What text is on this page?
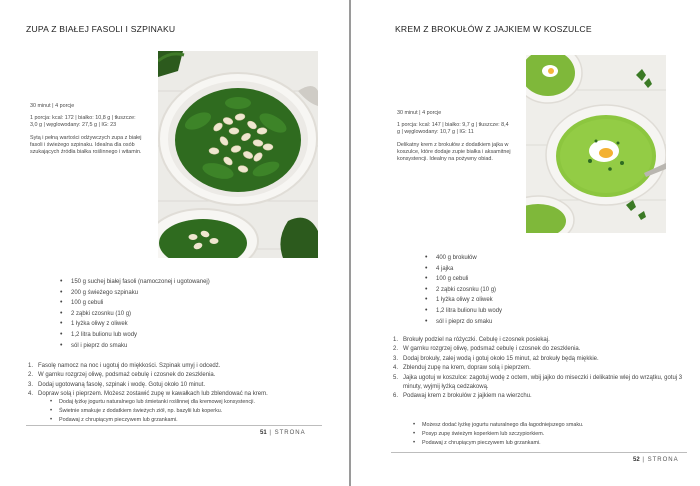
ZUPA Z BIAŁEJ FASOLI I SZPINAKU

30 minut | 4 porcje

1 porcja: kcal: 172 | białko: 10,8 g | tłuszcze: 3,0 g | węglowodany: 27,5 g | IG: 23

Sytą i pełną wartości odżywczych zupa z białej fasoli i świeżego szpinaku. Idealna dla osób szukających źródła białka roślinnego i witamin.

• 150 g suchej białej fasoli (namoczonej i ugotowanej)
• 200 g świeżego szpinaku
• 100 g cebuli
• 2 ząbki czosnku (10 g)
• 1 łyżka oliwy z oliwek
• 1,2 litra bulionu lub wody
• sól i pieprz do smaku
1. Fasolę namocz na noc i ugotuj do miękkości. Szpinak umyj i odcedź.
2. W garnku rozgrzej oliwę, podsmaż cebulę i czosnek do zeszklenia.
3. Dodaj ugotowaną fasolę, szpinak i wodę. Gotuj około 10 minut.
4. Dopraw solą i pieprzem. Możesz zostawić zupę w kawałkach lub zblendować na krem.
• Dodaj łyżkę jogurtu naturalnego lub śmietanki roślinnej dla kremowej konsystencji.
• Świetnie smakuje z dodatkiem świeżych ziół, np. bazylii lub koperku.
• Podawaj z chrupiącym pieczywem lub grzankami.
51 | STRONA
KREM Z BROKUŁÓW Z JAJKIEM W KOSZULCE

30 minut | 4 porcje

1 porcja: kcal: 147 | białko: 9,7 g | tłuszcze: 8,4 g | węglowodany: 10,7 g | IG: 11

Delikatny krem z brokułów z dodatkiem jajka w koszulce, które dodaje zupie białka i aksamitnej konsystencji. Idealny na pożywny obiad.

• 400 g brokułów
• 4 jajka
• 100 g cebuli
• 2 ząbki czosnku (10 g)
• 1 łyżka oliwy z oliwek
• 1,2 litra bulionu lub wody
• sól i pieprz do smaku
1. Brokuły podziel na różyczki. Cebulę i czosnek posiekaj.
2. W garnku rozgrzej oliwę, podsmaż cebulę i czosnek do zeszklenia.
3. Dodaj brokuły, zalej wodą i gotuj około 15 minut, aż brokuły będą miękkie.
4. Zblenduj zupę na krem, dopraw solą i pieprzem.
5. Jajka ugotuj w koszulce: zagotuj wodę z octem, wbij jajko do miseczki i delikatnie wlej do wrzątku, gotuj 3 minuty, wyjmij łyżką cedzakową.
6. Podawaj krem z brokułów z jajkiem na wierzchu.
• Możesz dodać łyżkę jogurtu naturalnego dla łagodniejszego smaku.
• Posyp zupę świeżym koperkiem lub szczypiorkiem.
• Podawaj z chrupiącym pieczywem lub grzankami.
52 | STRONA
